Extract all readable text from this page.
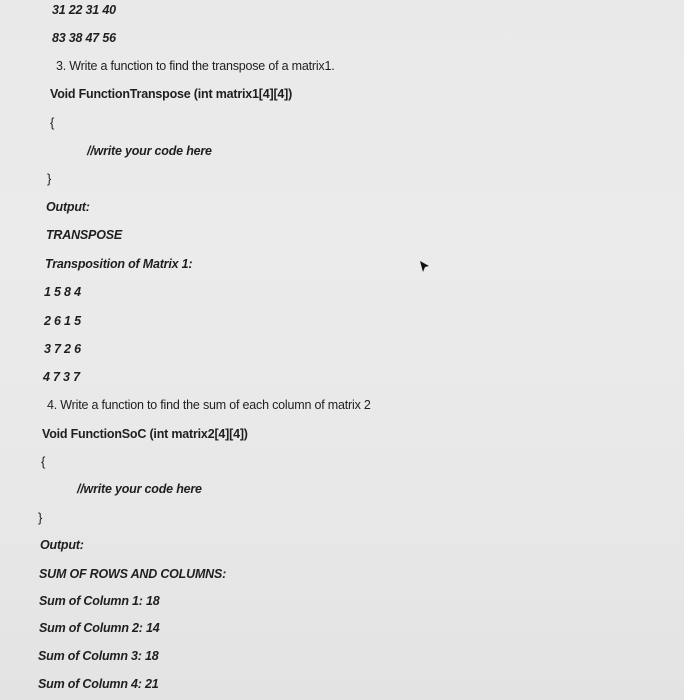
31 22 31 40
83 38 47 56
3. Write a function to find the transpose of a matrix1.
Void FunctionTranspose (int matrix1[4][4])
{
//write your code here
}
Output:
TRANSPOSE
Transposition of Matrix 1:
1 5 8 4
2 6 1 5
3 7 2 6
4 7 3 7
4. Write a function to find the sum of each column of matrix 2
Void FunctionSoC (int matrix2[4][4])
{
//write your code here
}
Output:
SUM OF ROWS AND COLUMNS:
Sum of Column 1: 18
Sum of Column 2: 14
Sum of Column 3: 18
Sum of Column 4: 21
